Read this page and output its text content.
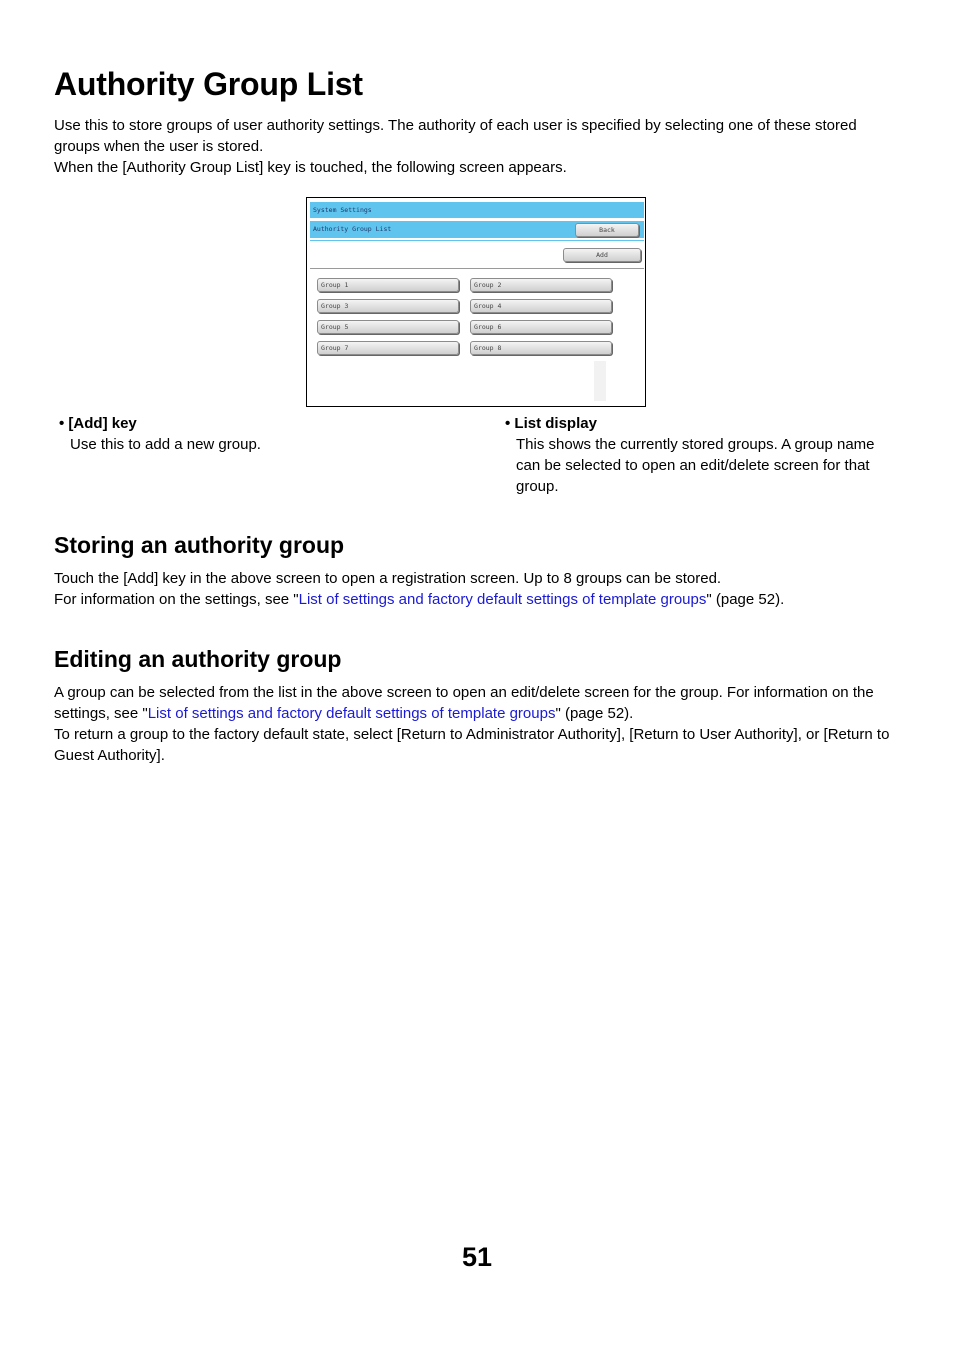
Authority Group List

Use this to store groups of user authority settings. The authority of each user is specified by selecting one of these stored groups when the user is stored.

When the [Authority Group List] key is touched, the following screen appears.

System Settings
Authority Group List	Back
Add
Group 1	Group 2
Group 3	Group 4
Group 5	Group 6
Group 7	Group 8
• [Add] key
Use this to add a new group.
• List display
This shows the currently stored groups. A group name can be selected to open an edit/delete screen for that group.
Storing an authority group

Touch the [Add] key in the above screen to open a registration screen. Up to 8 groups can be stored.

For information on the settings, see "List of settings and factory default settings of template groups" (page 52).

Editing an authority group

A group can be selected from the list in the above screen to open an edit/delete screen for the group. For information on the settings, see "List of settings and factory default settings of template groups" (page 52).

To return a group to the factory default state, select [Return to Administrator Authority], [Return to User Authority], or [Return to Guest Authority].

51
